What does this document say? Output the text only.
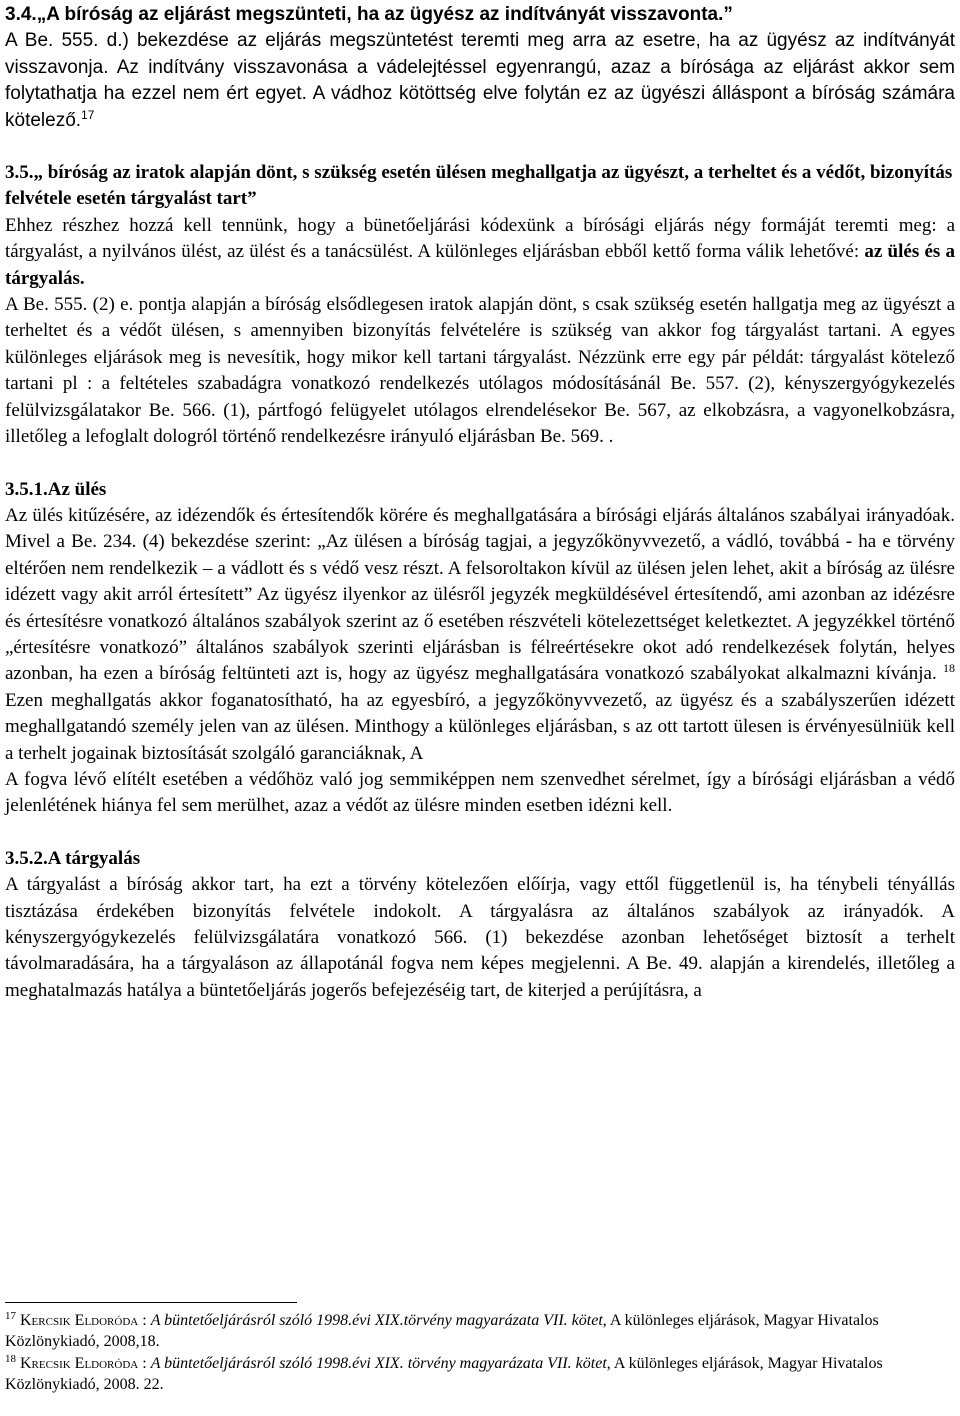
3.4.„A bíróság az eljárást megszünteti, ha az ügyész az indítványát visszavonta.”

A Be. 555. d.) bekezdése az eljárás megszüntetést teremti meg arra az esetre, ha az ügyész az indítványát visszavonja. Az indítvány visszavonása a vádelejtéssel egyenrangú, azaz a bírósága az eljárást akkor sem folytathatja ha ezzel nem ért egyet. A vádhoz kötöttség elve folytán ez az ügyészi álláspont a bíróság számára kötelező.$^{17}$

3.5.„ bíróság az iratok alapján dönt, s szükség esetén ülésen meghallgatja az ügyészt, a terheltet és a védőt, bizonyítás felvétele esetén tárgyalást tart”

Ehhez részhez hozzá kell tennünk, hogy a bünetőeljárási kódexünk a bírósági eljárás négy formáját teremti meg: a tárgyalást, a nyilvános ülést, az ülést és a tanácsülést. A különleges eljárásban ebből kettő forma válik lehetővé: az ülés és a tárgyalás.

A Be. 555. (2) e. pontja alapján a bíróság elsődlegesen iratok alapján dönt, s csak szükség esetén hallgatja meg az ügyészt a terheltet és a védőt ülésen, s amennyiben bizonyítás felvételére is szükség van akkor fog tárgyalást tartani. A egyes különleges eljárások meg is nevesítik, hogy mikor kell tartani tárgyalást. Nézzünk erre egy pár példát: tárgyalást kötelező tartani pl : a feltételes szabadágra vonatkozó rendelkezés utólagos módosításánál Be. 557. (2), kényszergyógykezelés felülvizsgálatakor Be. 566. (1), pártfogó felügyelet utólagos elrendelésekor Be. 567, az elkobzásra, a vagyonelkobzásra, illetőleg a lefoglalt dologról történő rendelkezésre irányuló eljárásban Be. 569. .

3.5.1.Az ülés

Az ülés kitűzésére, az idézendők és értesítendők körére és meghallgatására a bírósági eljárás általános szabályai irányadóak. Mivel a Be. 234. (4) bekezdése szerint: „Az ülésen a bíróság tagjai, a jegyzőkönyvvezető, a vádló, továbbá - ha e törvény eltérően nem rendelkezik – a vádlott és s védő vesz részt. A felsoroltakon kívül az ülésen jelen lehet, akit a bíróság az ülésre idézett vagy akit arról értesített” Az ügyész ilyenkor az ülésről jegyzék megküldésével értesítendő, ami azonban az idézésre és értesítésre vonatkozó általános szabályok szerint az ő esetében részvételi kötelezettséget keletkeztet. A jegyzékkel történő „értesítésre vonatkozó” általános szabályok szerinti eljárásban is félreértésekre okot adó rendelkezések folytán, helyes azonban, ha ezen a bíróság feltünteti azt is, hogy az ügyész meghallgatására vonatkozó szabályokat alkalmazni kívánja. $^{18}$ Ezen meghallgatás akkor foganatosítható, ha az egyesbíró, a jegyzőkönyvvezető, az ügyész és a szabályszerűen idézett meghallgatandó személy jelen van az ülésen. Minthogy a különleges eljárásban, s az ott tartott ülesen is érvényesülniük kell a terhelt jogainak biztosítását szolgáló garanciáknak, A

A fogva lévő elítélt esetében a védőhöz való jog semmiképpen nem szenvedhet sérelmet, így a bírósági eljárásban a védő jelenlétének hiánya fel sem merülhet, azaz a védőt az ülésre minden esetben idézni kell.

3.5.2.A tárgyalás

A tárgyalást a bíróság akkor tart, ha ezt a törvény kötelezően előírja, vagy ettől függetlenül is, ha ténybeli tényállás tisztázása érdekében bizonyítás felvétele indokolt. A tárgyalásra az általános szabályok az irányadók. A kényszergyógykezelés felülvizsgálatára vonatkozó 566. (1) bekezdése azonban lehetőséget biztosít a terhelt távolmaradására, ha a tárgyaláson az állapotánál fogva nem képes megjelenni. A Be. 49. alapján a kirendelés, illetőleg a meghatalmazás hatálya a büntetőeljárás jogerős befejezéséig tart, de kiterjed a perújításra, a

$^{17}$ Kercsik Eldoróda : A büntetőeljárásról szóló 1998.évi XIX.törvény magyarázata VII. kötet, A különleges eljárások, Magyar Hivatalos Közlönykiadó, 2008,18.

$^{18}$ Krecsik Eldoróda : A büntetőeljárásról szóló 1998.évi XIX. törvény magyarázata VII. kötet, A különleges eljárások, Magyar Hivatalos Közlönykiadó, 2008. 22.
